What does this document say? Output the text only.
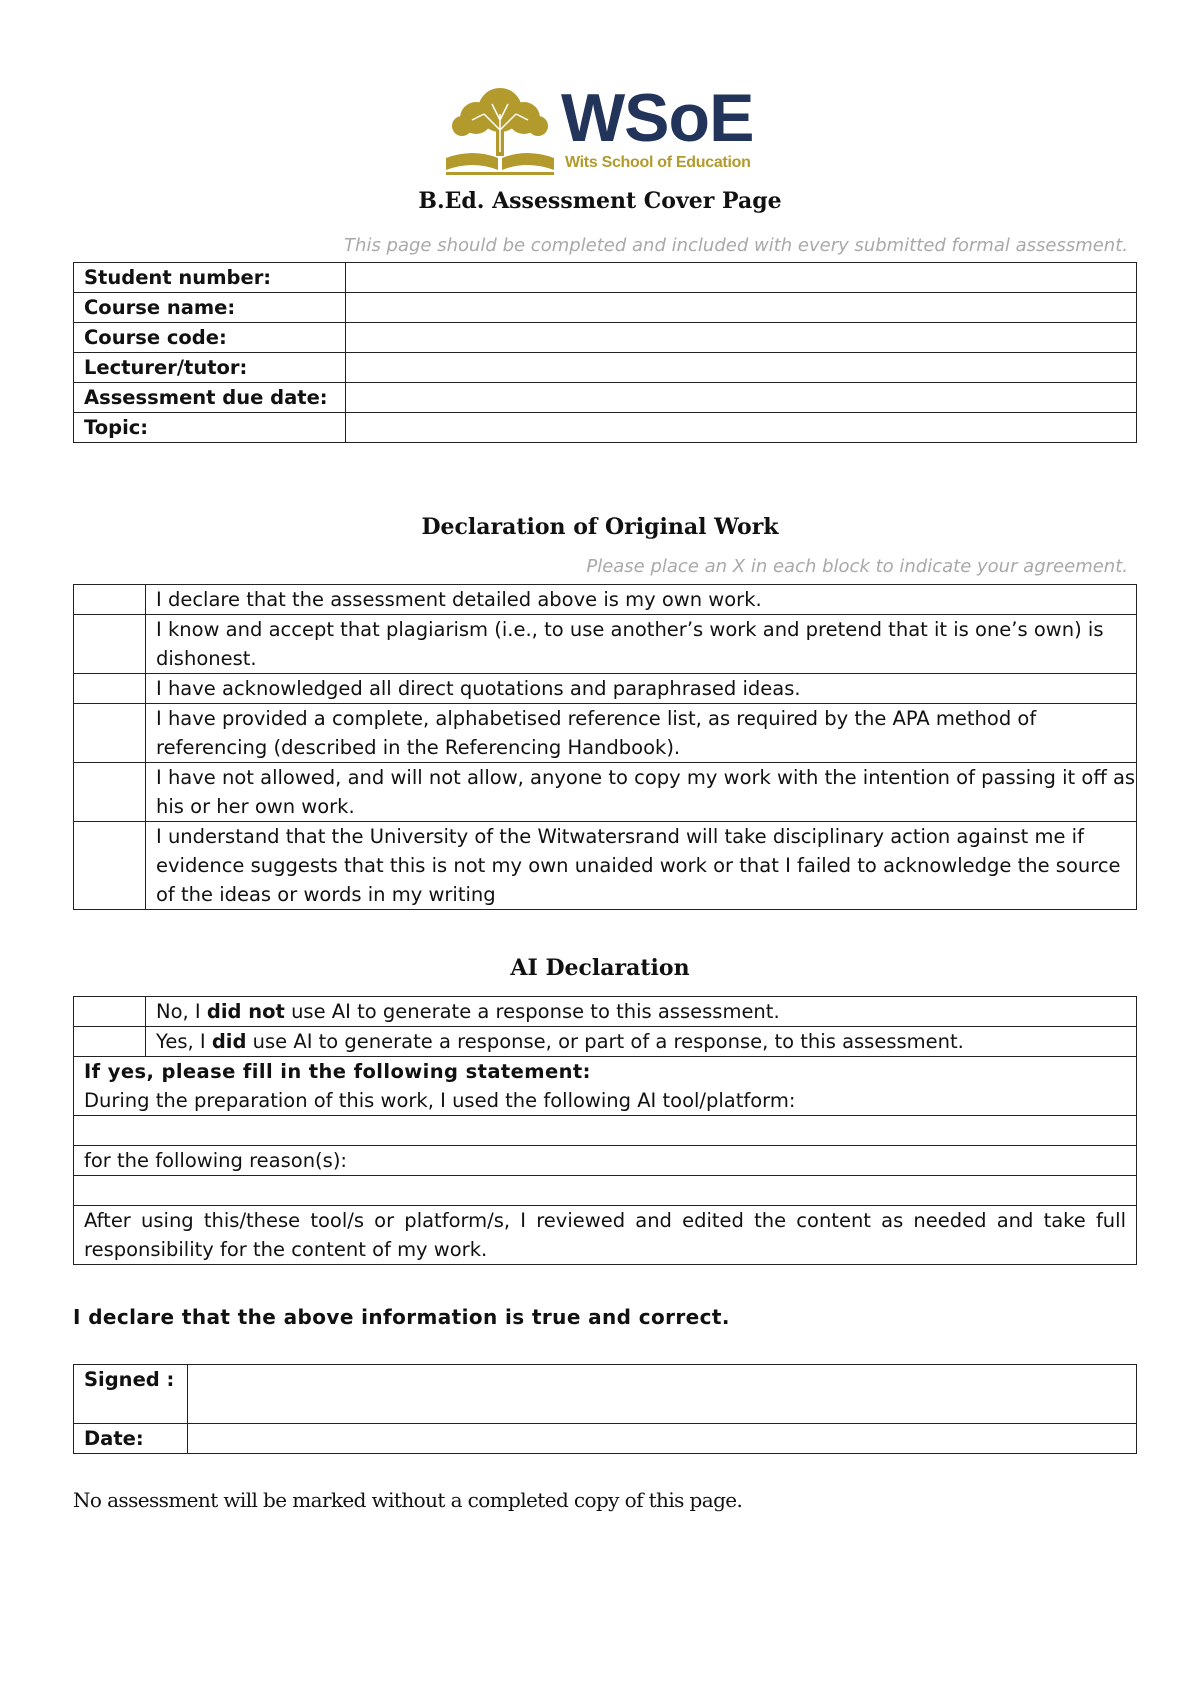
WSoE
Wits School of Education
B.Ed. Assessment Cover Page
This page should be completed and included with every submitted formal assessment.
Student number:	
Course name:	
Course code:	
Lecturer/tutor:	
Assessment due date:	
Topic:	
Declaration of Original Work
Please place an X in each block to indicate your agreement.
	I declare that the assessment detailed above is my own work.
	I know and accept that plagiarism (i.e., to use another’s work and pretend that it is one’s own) is dishonest.
	I have acknowledged all direct quotations and paraphrased ideas.
	I have provided a complete, alphabetised reference list, as required by the APA method of referencing (described in the Referencing Handbook).
	I have not allowed, and will not allow, anyone to copy my work with the intention of passing it off as his or her own work.
	I understand that the University of the Witwatersrand will take disciplinary action against me if evidence suggests that this is not my own unaided work or that I failed to acknowledge the source of the ideas or words in my writing
AI Declaration
	No, I did not use AI to generate a response to this assessment.
	Yes, I did use AI to generate a response, or part of a response, to this assessment.

If yes, please fill in the following statement:
During the preparation of this work, I used the following AI tool/platform:	

for the following reason(s):	

After using this/these tool/s or platform/s, I reviewed and edited the content as needed and take full responsibility for the content of my work.	
I declare that the above information is true and correct.
Signed :	
Date:	
No assessment will be marked without a completed copy of this page.
